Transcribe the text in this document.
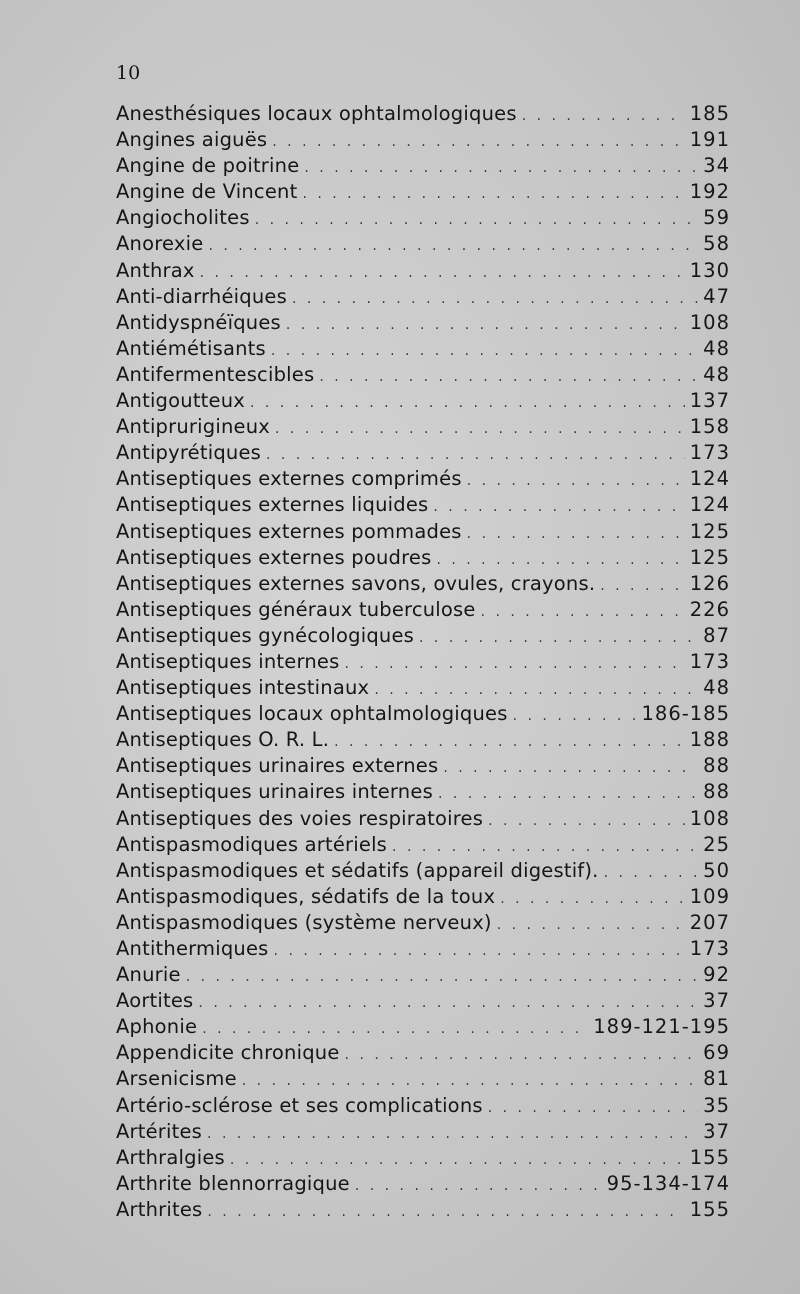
10
Anesthésiques locaux ophtalmologiques . . .	185
Angines aiguës . . .	191
Angine de poitrine . . .	34
Angine de Vincent . . .	192
Angiocholites . . .	59
Anorexie . . .	58
Anthrax . . .	130
Anti-diarrhéiques . . .	47
Antidyspnéïques . . .	108
Antiémétisants . . .	48
Antifermentescibles . . .	48
Antigoutteux . . .	137
Antiprurigineux . . .	158
Antipyrétiques . . .	173
Antiseptiques externes comprimés . . .	124
Antiseptiques externes liquides . . .	124
Antiseptiques externes pommades . . .	125
Antiseptiques externes poudres . . .	125
Antiseptiques externes savons, ovules, crayons. . . .	126
Antiseptiques généraux tuberculose . . .	226
Antiseptiques gynécologiques . . .	87
Antiseptiques internes . . .	173
Antiseptiques intestinaux . . .	48
Antiseptiques locaux ophtalmologiques . . .	186-185
Antiseptiques O. R. L. . . .	188
Antiseptiques urinaires externes . . .	88
Antiseptiques urinaires internes . . .	88
Antiseptiques des voies respiratoires . . .	108
Antispasmodiques artériels . . .	25
Antispasmodiques et sédatifs (appareil digestif). . . .	50
Antispasmodiques, sédatifs de la toux . . .	109
Antispasmodiques (système nerveux) . . .	207
Antithermiques . . .	173
Anurie . . .	92
Aortites . . .	37
Aphonie . . .	189-121-195
Appendicite chronique . . .	69
Arsenicisme . . .	81
Artério-sclérose et ses complications . . .	35
Artérites . . .	37
Arthralgies . . .	155
Arthrite blennorragique . . .	95-134-174
Arthrites . . .	155
